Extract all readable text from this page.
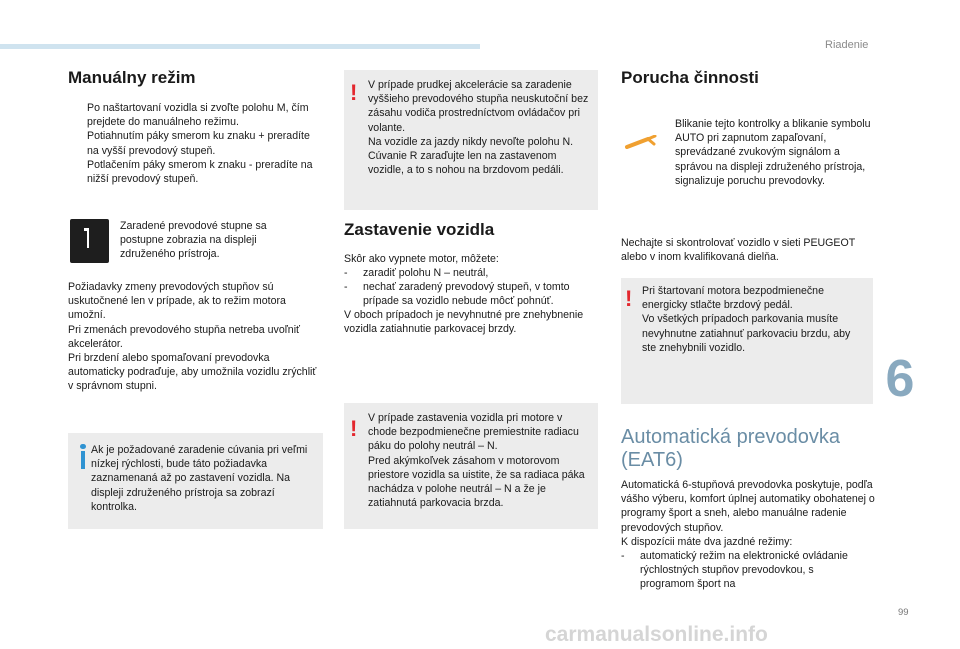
Riadenie
Manuálny režim
Po naštartovaní vozidla si zvoľte polohu M, čím prejdete do manuálneho režimu.
Potiahnutím páky smerom ku znaku + preradíte na vyšší prevodový stupeň.
Potlačením páky smerom k znaku - preradíte na nižší prevodový stupeň.
Zaradené prevodové stupne sa postupne zobrazia na displeji združeného prístroja.

Požiadavky zmeny prevodových stupňov sú uskutočnené len v prípade, ak to režim motora umožní.

Pri zmenách prevodového stupňa netreba uvoľniť akcelerátor.

Pri brzdení alebo spomaľovaní prevodovka automaticky podraďuje, aby umožnila vozidlu zrýchliť v správnom stupni.

Ak je požadované zaradenie cúvania pri veľmi nízkej rýchlosti, bude táto požiadavka zaznamenaná až po zastavení vozidla. Na displeji združeného prístroja sa zobrazí kontrolka.
! V prípade prudkej akcelerácie sa zaradenie vyššieho prevodového stupňa neuskutoční bez zásahu vodiča prostredníctvom ovládačov pri volante.

Na vozidle za jazdy nikdy nevoľte polohu N.

Cúvanie R zaraďujte len na zastavenom vozidle, a to s nohou na brzdovom pedáli.

Zastavenie vozidla
Skôr ako vypnete motor, môžete:
- zaradiť polohu N – neutrál,
- nechať zaradený prevodový stupeň, v tomto prípade sa vozidlo nebude môcť pohnúť.
V oboch prípadoch je nevyhnutné pre znehybnenie vozidla zatiahnutie parkovacej brzdy.
! V prípade zastavenia vozidla pri motore v chode bezpodmienečne premiestnite radiacu páku do polohy neutrál – N.

Pred akýmkoľvek zásahom v motorovom priestore vozidla sa uistite, že sa radiaca páka nachádza v polohe neutrál – N a že je zatiahnutá parkovacia brzda.

Porucha činnosti
Blikanie tejto kontrolky a blikanie symbolu AUTO pri zapnutom zapaľovaní, sprevádzané zvukovým signálom a správou na displeji združeného prístroja, signalizuje poruchu prevodovky.
Nechajte si skontrolovať vozidlo v sieti PEUGEOT alebo v inom kvalifikovaná dielňa.
! Pri štartovaní motora bezpodmienečne energicky stlačte brzdový pedál.

Vo všetkých prípadoch parkovania musíte nevyhnutne zatiahnuť parkovaciu brzdu, aby ste znehybnili vozidlo.

Automatická prevodovka
(EAT6)

Automatická 6-stupňová prevodovka poskytuje, podľa vášho výberu, komfort úplnej automatiky obohatenej o programy šport a sneh, alebo manuálne radenie prevodových stupňov.

K dispozícii máte dva jazdné režimy:

- automatický režim na elektronické ovládanie rýchlostných stupňov prevodovkou, s programom šport na
6
99
carmanualsonline.info
